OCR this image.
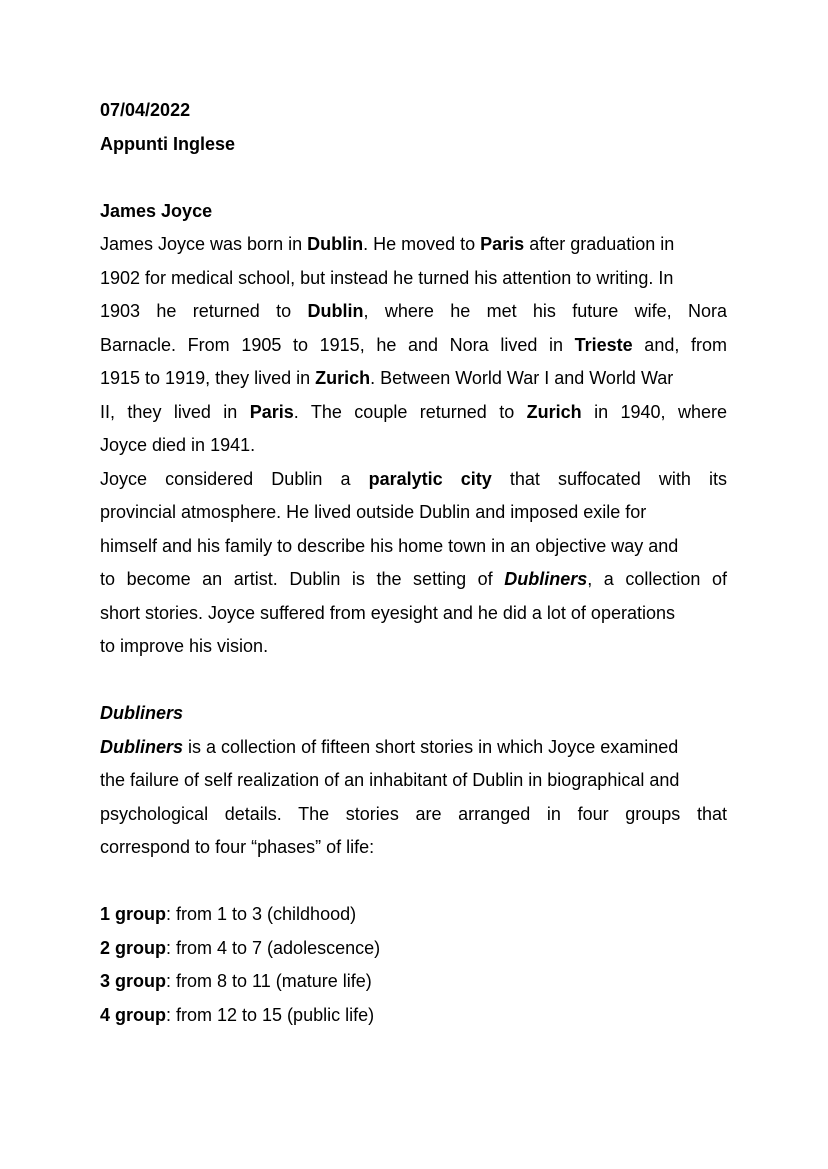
07/04/2022
Appunti Inglese
James Joyce
James Joyce was born in Dublin. He moved to Paris after graduation in
1902 for medical school, but instead he turned his attention to writing. In
1903 he returned to Dublin, where he met his future wife, Nora
Barnacle. From 1905 to 1915, he and Nora lived in Trieste and, from
1915 to 1919, they lived in Zurich. Between World War I and World War
II, they lived in Paris. The couple returned to Zurich in 1940, where
Joyce died in 1941.
Joyce considered Dublin a paralytic city that suffocated with its
provincial atmosphere. He lived outside Dublin and imposed exile for
himself and his family to describe his home town in an objective way and
to become an artist. Dublin is the setting of Dubliners, a collection of
short stories. Joyce suffered from eyesight and he did a lot of operations
to improve his vision.
Dubliners
Dubliners is a collection of fifteen short stories in which Joyce examined
the failure of self realization of an inhabitant of Dublin in biographical and
psychological details. The stories are arranged in four groups that
correspond to four “phases” of life:
1 group: from 1 to 3 (childhood)
2 group: from 4 to 7 (adolescence)
3 group: from 8 to 11 (mature life)
4 group: from 12 to 15 (public life)
